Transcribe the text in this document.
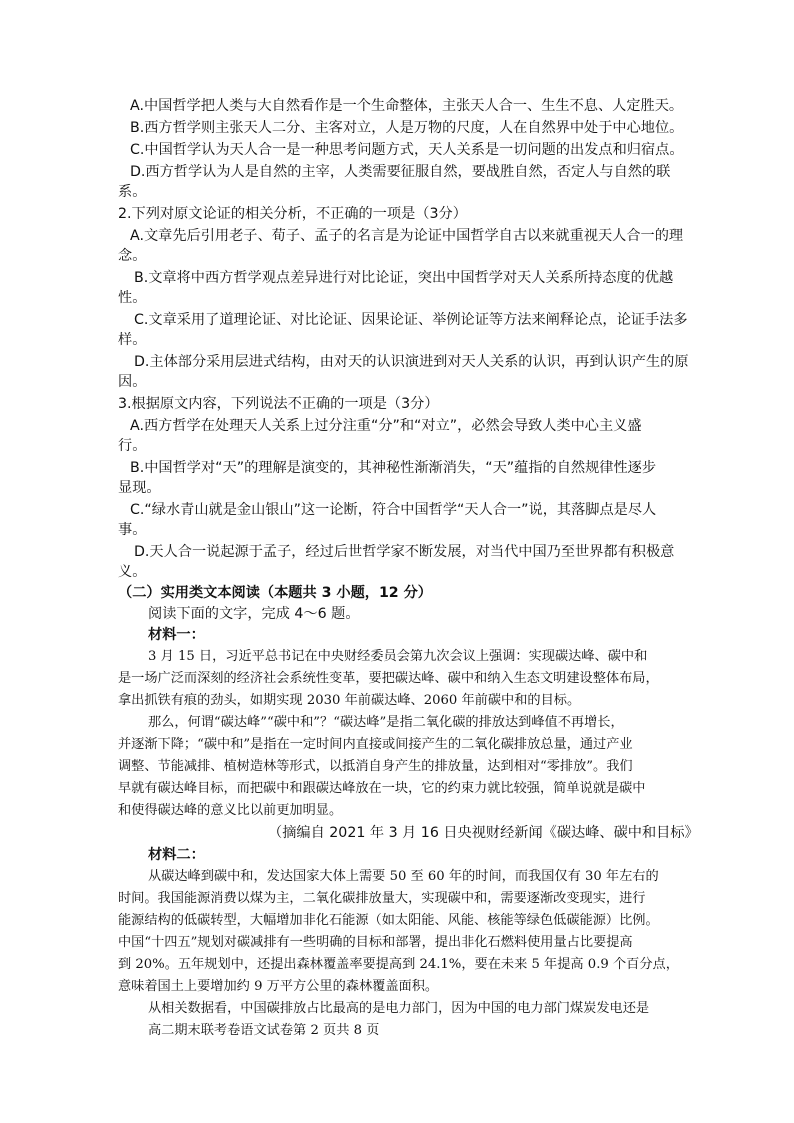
A.中国哲学把人类与大自然看作是一个生命整体，主张天人合一、生生不息、人定胜天。
B.西方哲学则主张天人二分、主客对立，人是万物的尺度，人在自然界中处于中心地位。
C.中国哲学认为天人合一是一种思考问题方式，天人关系是一切问题的出发点和归宿点。
D.西方哲学认为人是自然的主宰，人类需要征服自然，要战胜自然，否定人与自然的联
系。
2.下列对原文论证的相关分析，不正确的一项是（3分）
A.文章先后引用老子、荀子、孟子的名言是为论证中国哲学自古以来就重视天人合一的理
念。
B.文章将中西方哲学观点差异进行对比论证，突出中国哲学对天人关系所持态度的优越
性。
C.文章采用了道理论证、对比论证、因果论证、举例论证等方法来阐释论点，论证手法多
样。
D.主体部分采用层进式结构，由对天的认识演进到对天人关系的认识，再到认识产生的原
因。
3.根据原文内容，下列说法不正确的一项是（3分）
A.西方哲学在处理天人关系上过分注重“分”和“对立”，必然会导致人类中心主义盛
行。
B.中国哲学对“天”的理解是演变的，其神秘性渐渐消失，“天”蕴指的自然规律性逐步
显现。
C.“绿水青山就是金山银山”这一论断，符合中国哲学“天人合一”说，其落脚点是尽人
事。
D.天人合一说起源于孟子，经过后世哲学家不断发展，对当代中国乃至世界都有积极意
义。
（二）实用类文本阅读（本题共 3 小题，12 分）
阅读下面的文字，完成 4～6 题。
材料一：
3 月 15 日，习近平总书记在中央财经委员会第九次会议上强调：实现碳达峰、碳中和
是一场广泛而深刻的经济社会系统性变革，要把碳达峰、碳中和纳入生态文明建设整体布局，
拿出抓铁有痕的劲头，如期实现 2030 年前碳达峰、2060 年前碳中和的目标。
那么，何谓“碳达峰”“碳中和”？“碳达峰”是指二氧化碳的排放达到峰值不再增长，
并逐渐下降；“碳中和”是指在一定时间内直接或间接产生的二氧化碳排放总量，通过产业
调整、节能减排、植树造林等形式，以抵消自身产生的排放量，达到相对“零排放”。我们
早就有碳达峰目标，而把碳中和跟碳达峰放在一块，它的约束力就比较强，简单说就是碳中
和使得碳达峰的意义比以前更加明显。
（摘编自 2021 年 3 月 16 日央视财经新闻《碳达峰、碳中和目标》
材料二：
从碳达峰到碳中和，发达国家大体上需要 50 至 60 年的时间，而我国仅有 30 年左右的
时间。我国能源消费以煤为主，二氧化碳排放量大，实现碳中和，需要逐渐改变现实，进行
能源结构的低碳转型，大幅增加非化石能源（如太阳能、风能、核能等绿色低碳能源）比例。
中国“十四五”规划对碳减排有一些明确的目标和部署，提出非化石燃料使用量占比要提高
到 20%。五年规划中，还提出森林覆盖率要提高到 24.1%，要在未来 5 年提高 0.9 个百分点，
意味着国土上要增加约 9 万平方公里的森林覆盖面积。
从相关数据看，中国碳排放占比最高的是电力部门，因为中国的电力部门煤炭发电还是
高二期末联考卷语文试卷第 2 页共 8 页
